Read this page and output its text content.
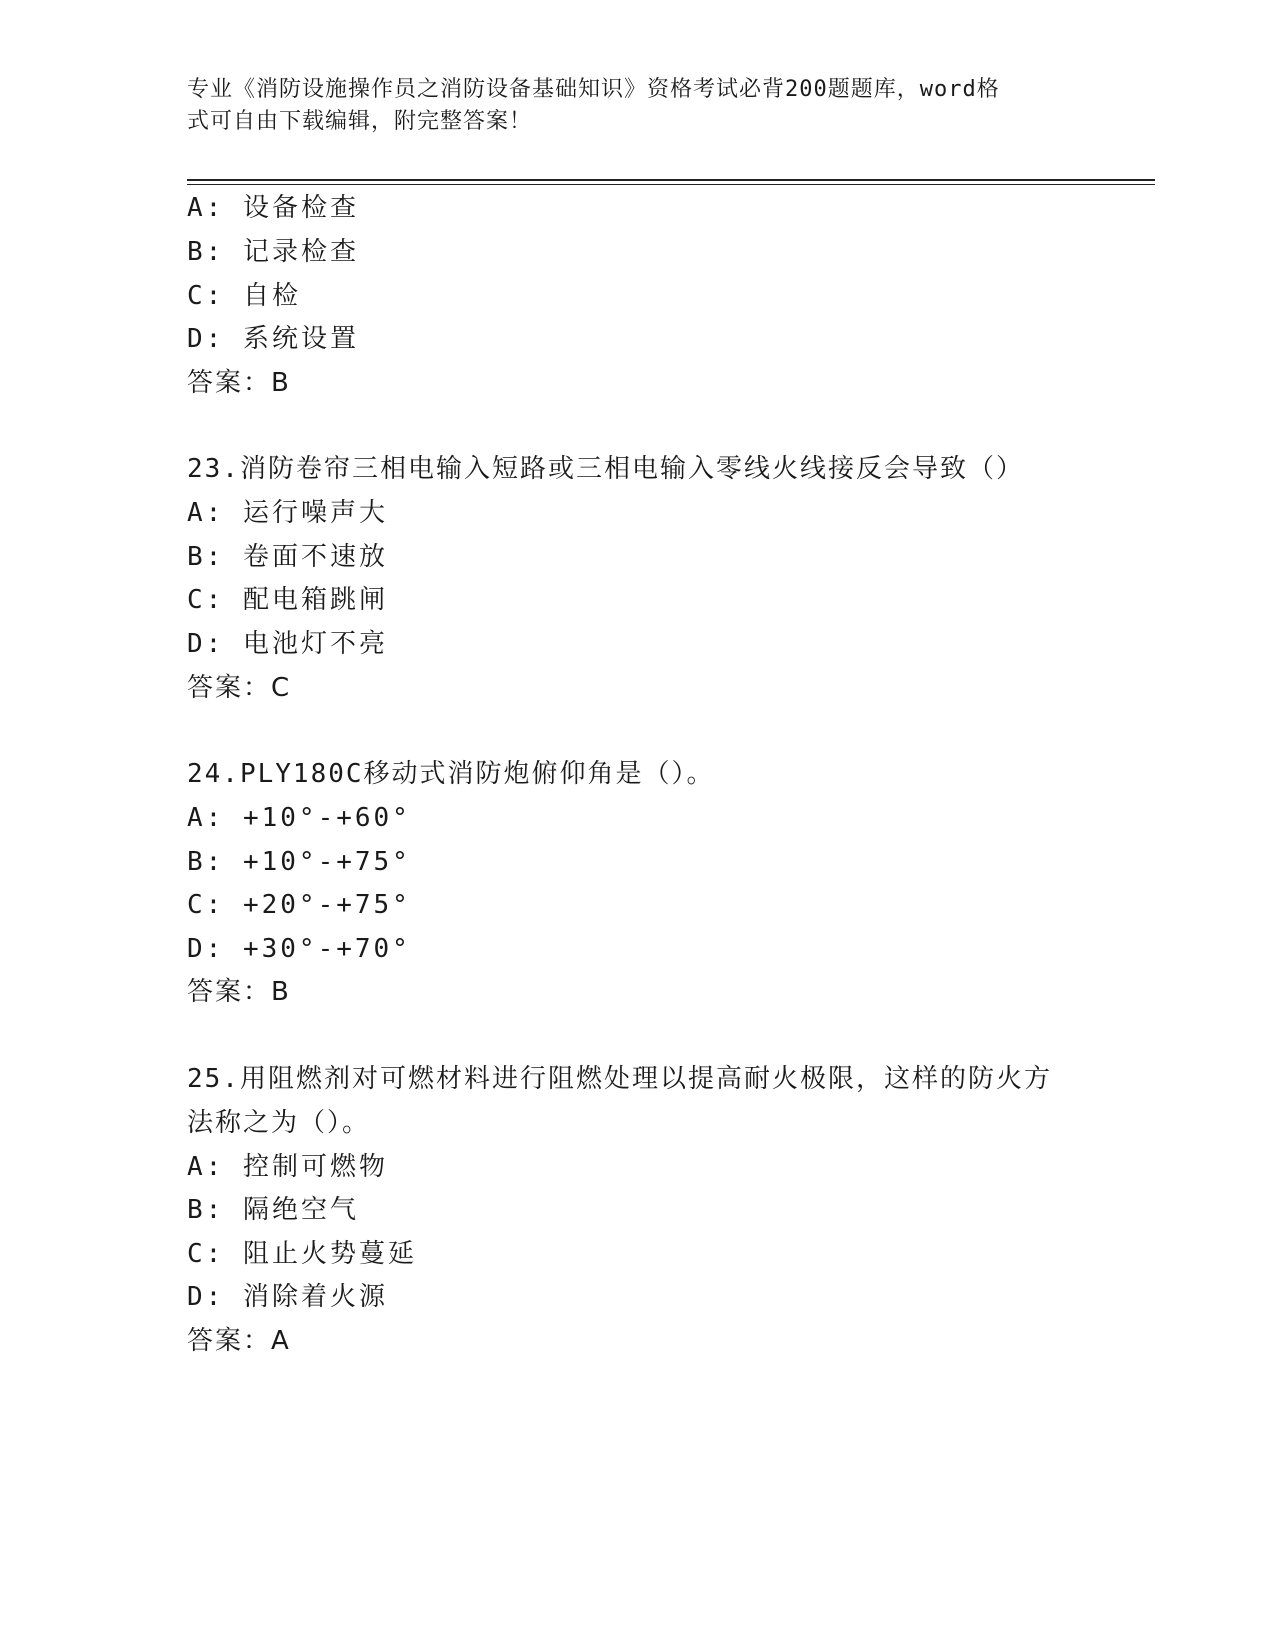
专业《消防设施操作员之消防设备基础知识》资格考试必背200题题库，word格
式可自由下载编辑，附完整答案！
A: 设备检查
B: 记录检查
C: 自检
D: 系统设置
答案：B
23.消防卷帘三相电输入短路或三相电输入零线火线接反会导致（）
A: 运行噪声大
B: 卷面不速放
C: 配电箱跳闸
D: 电池灯不亮
答案：C
24.PLY180C移动式消防炮俯仰角是（）。
A: +10°-+60°
B: +10°-+75°
C: +20°-+75°
D: +30°-+70°
答案：B
25.用阻燃剂对可燃材料进行阻燃处理以提高耐火极限，这样的防火方
法称之为（）。
A: 控制可燃物
B: 隔绝空气
C: 阻止火势蔓延
D: 消除着火源
答案：A
